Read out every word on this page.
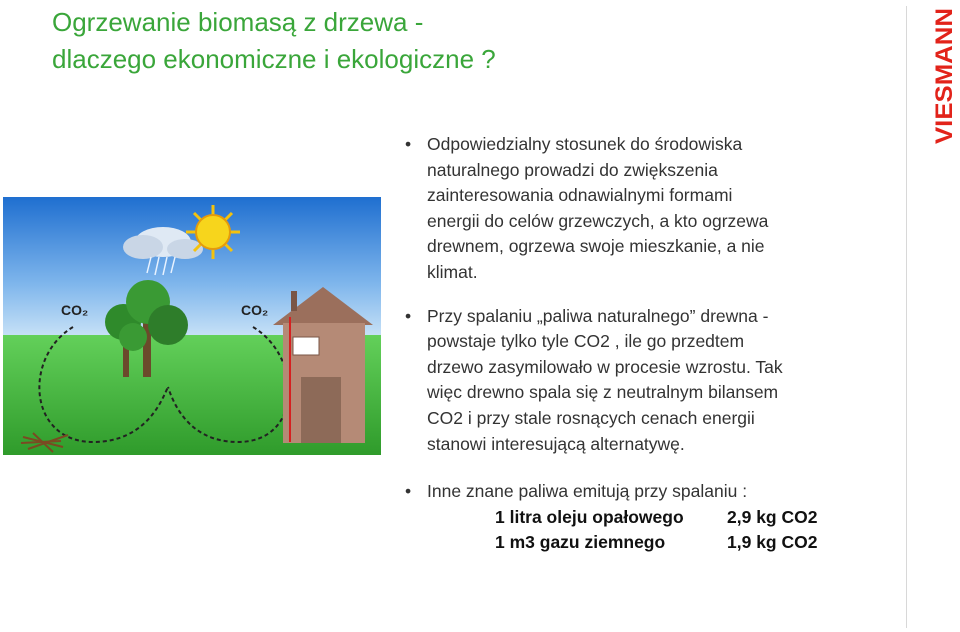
Ogrzewanie biomasą z drzewa -
dlaczego ekonomiczne i ekologiczne ?	VIESMANN
CO₂	CO₂
• Odpowiedzialny stosunek do środowiska
naturalnego prowadzi do zwiększenia
zainteresowania odnawialnymi formami
energii do celów grzewczych, a kto ogrzewa
drewnem, ogrzewa swoje mieszkanie, a nie
klimat.
• Przy spalaniu „paliwa naturalnego” drewna -
powstaje tylko tyle CO2 , ile go przedtem
drzewo zasymilowało w procesie wzrostu. Tak
więc drewno spala się z neutralnym bilansem
CO2 i przy stale rosnących cenach energii
stanowi interesującą alternatywę.
• Inne znane paliwa emitują przy spalaniu :
1 litra oleju opałowego 2,9 kg CO2
1 m3 gazu ziemnego	1,9 kg CO2
